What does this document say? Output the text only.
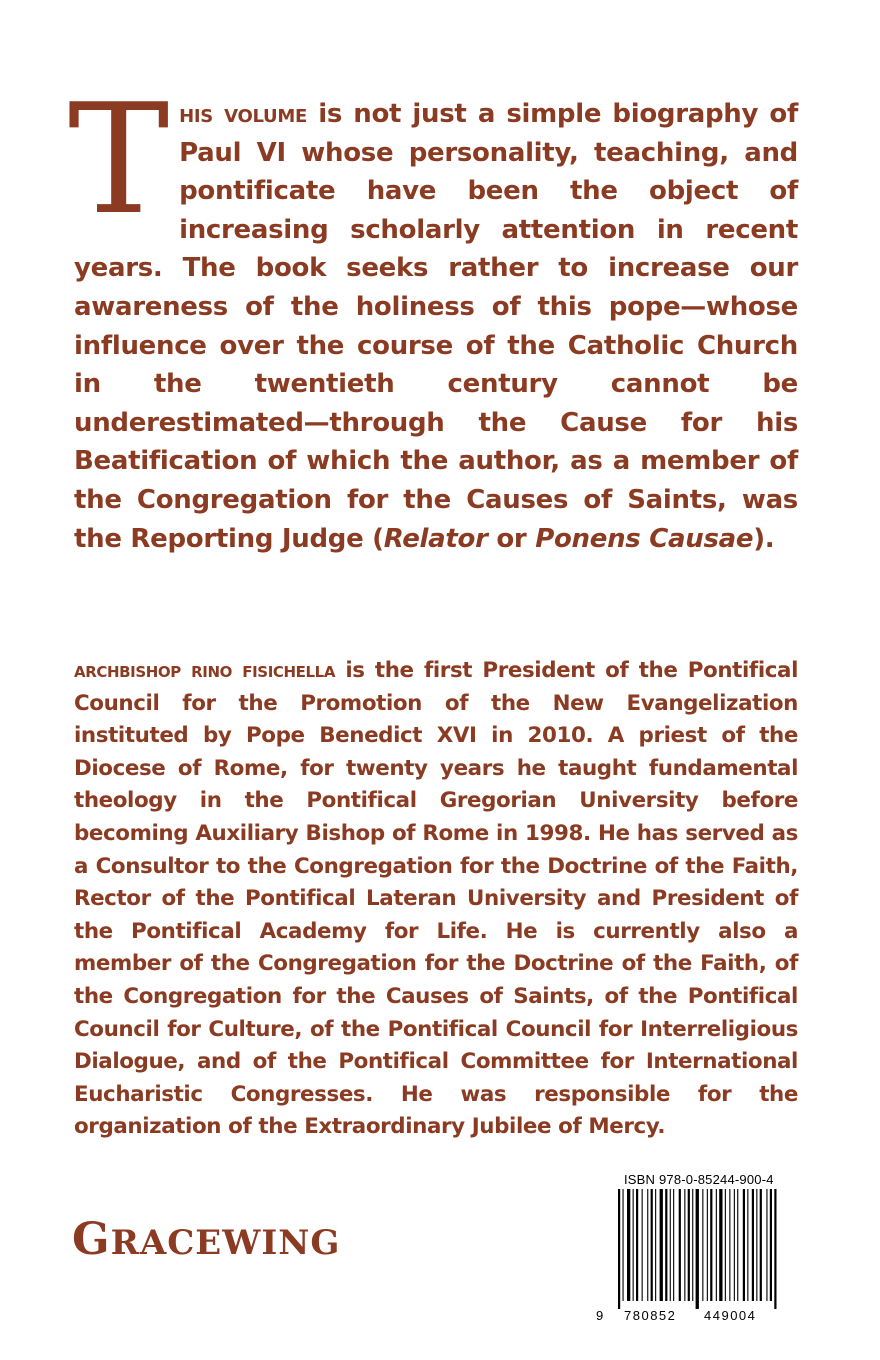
This volume is not just a simple biography of Paul VI whose personality, teaching, and pontificate have been the object of increasing scholarly attention in recent years. The book seeks rather to increase our awareness of the holiness of this pope—whose influence over the course of the Catholic Church in the twentieth century cannot be underestimated—through the Cause for his Beatification of which the author, as a member of the Congregation for the Causes of Saints, was the Reporting Judge (Relator or Ponens Causae).
archbishop rino fisichella is the first President of the Pontifical Council for the Promotion of the New Evangelization instituted by Pope Benedict XVI in 2010. A priest of the Diocese of Rome, for twenty years he taught fundamental theology in the Pontifical Gregorian University before becoming Auxiliary Bishop of Rome in 1998. He has served as a Consultor to the Congregation for the Doctrine of the Faith, Rector of the Pontifical Lateran University and President of the Pontifical Academy for Life. He is currently also a member of the Congregation for the Doctrine of the Faith, of the Congregation for the Causes of Saints, of the Pontifical Council for Culture, of the Pontifical Council for Interreligious Dialogue, and of the Pontifical Committee for International Eucharistic Congresses. He was responsible for the organization of the Extraordinary Jubilee of Mercy.
GRACEWING
ISBN 978-0-85244-900-4
9 780852 449004
